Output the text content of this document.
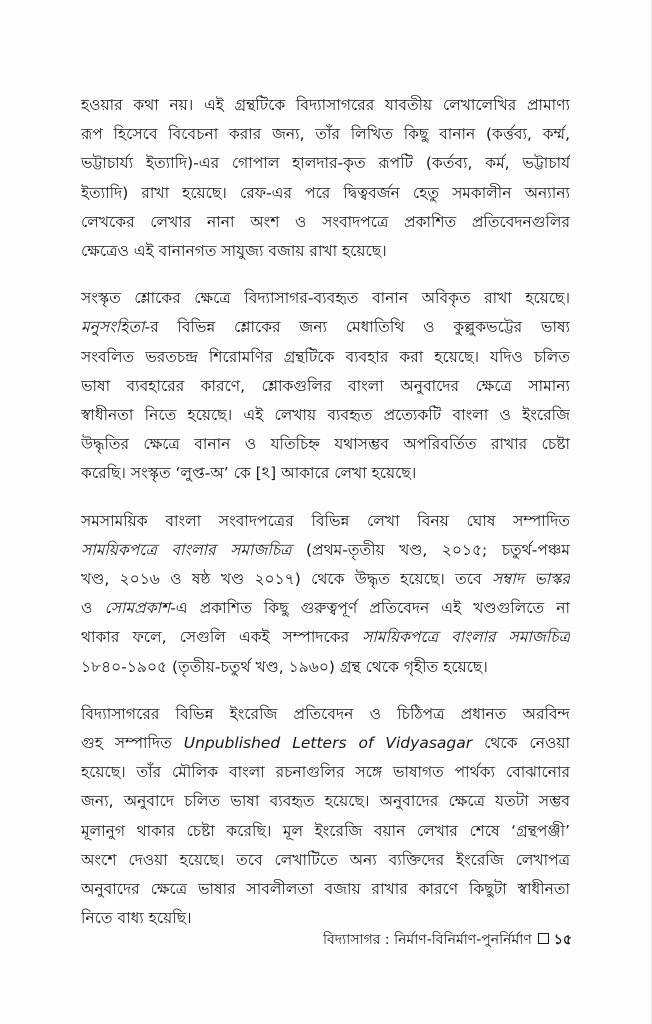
হওয়ার কথা নয়। এই গ্রন্থটিকে বিদ্যাসাগরের যাবতীয় লেখালেখির প্রামাণ্য
রূপ হিসেবে বিবেচনা করার জন্য, তাঁর লিখিত কিছু বানান (কর্ত্তব্য, কৰ্ম্ম,
ভট্টাচাৰ্য্য ইত্যাদি)-এর গোপাল হালদার-কৃত রূপটি (কর্তব্য, কর্ম, ভট্টাচার্য
ইত্যাদি) রাখা হয়েছে। রেফ-এর পরে দ্বিত্ববর্জন হেতু সমকালীন অন্যান্য
লেখকের লেখার নানা অংশ ও সংবাদপত্রে প্রকাশিত প্রতিবেদনগুলির
ক্ষেত্রেও এই বানানগত সাযুজ্য বজায় রাখা হয়েছে।

সংস্কৃত শ্লোকের ক্ষেত্রে বিদ্যাসাগর-ব্যবহৃত বানান অবিকৃত রাখা হয়েছে।
মনুসংহিতা-র বিভিন্ন শ্লোকের জন্য মেধাতিথি ও কুল্লুকভট্টের ভাষ্য
সংবলিত ভরতচন্দ্র শিরোমণির গ্রন্থটিকে ব্যবহার করা হয়েছে। যদিও চলিত
ভাষা ব্যবহারের কারণে, শ্লোকগুলির বাংলা অনুবাদের ক্ষেত্রে সামান্য
স্বাধীনতা নিতে হয়েছে। এই লেখায় ব্যবহৃত প্রত্যেকটি বাংলা ও ইংরেজি
উদ্ধৃতির ক্ষেত্রে বানান ও যতিচিহ্ন যথাসম্ভব অপরিবর্তিত রাখার চেষ্টা
করেছি। সংস্কৃত ‘লুপ্ত-অ’ কে [ঽ] আকারে লেখা হয়েছে।

সমসাময়িক বাংলা সংবাদপত্রের বিভিন্ন লেখা বিনয় ঘোষ সম্পাদিত
সাময়িকপত্রে বাংলার সমাজচিত্র (প্রথম-তৃতীয় খণ্ড, ২০১৫; চতুর্থ-পঞ্চম
খণ্ড, ২০১৬ ও ষষ্ঠ খণ্ড ২০১৭) থেকে উদ্ধৃত হয়েছে। তবে সম্বাদ ভাস্কর
ও সোমপ্রকাশ-এ প্রকাশিত কিছু গুরুত্বপূর্ণ প্রতিবেদন এই খণ্ডগুলিতে না
থাকার ফলে, সেগুলি একই সম্পাদকের সাময়িকপত্রে বাংলার সমাজচিত্র
১৮৪০-১৯০৫ (তৃতীয়-চতুর্থ খণ্ড, ১৯৬০) গ্রন্থ থেকে গৃহীত হয়েছে।

বিদ্যাসাগরের বিভিন্ন ইংরেজি প্রতিবেদন ও চিঠিপত্র প্রধানত অরবিন্দ
গুহ সম্পাদিত Unpublished Letters of Vidyasagar থেকে নেওয়া
হয়েছে। তাঁর মৌলিক বাংলা রচনাগুলির সঙ্গে ভাষাগত পার্থক্য বোঝানোর
জন্য, অনুবাদে চলিত ভাষা ব্যবহৃত হয়েছে। অনুবাদের ক্ষেত্রে যতটা সম্ভব
মূলানুগ থাকার চেষ্টা করেছি। মূল ইংরেজি বয়ান লেখার শেষে ‘গ্রন্থপঞ্জী’
অংশে দেওয়া হয়েছে। তবে লেখাটিতে অন্য ব্যক্তিদের ইংরেজি লেখাপত্র
অনুবাদের ক্ষেত্রে ভাষার সাবলীলতা বজায় রাখার কারণে কিছুটা স্বাধীনতা
নিতে বাধ্য হয়েছি।

বিদ্যাসাগর : নির্মাণ-বিনির্মাণ-পুনর্নির্মাণ ১৫
